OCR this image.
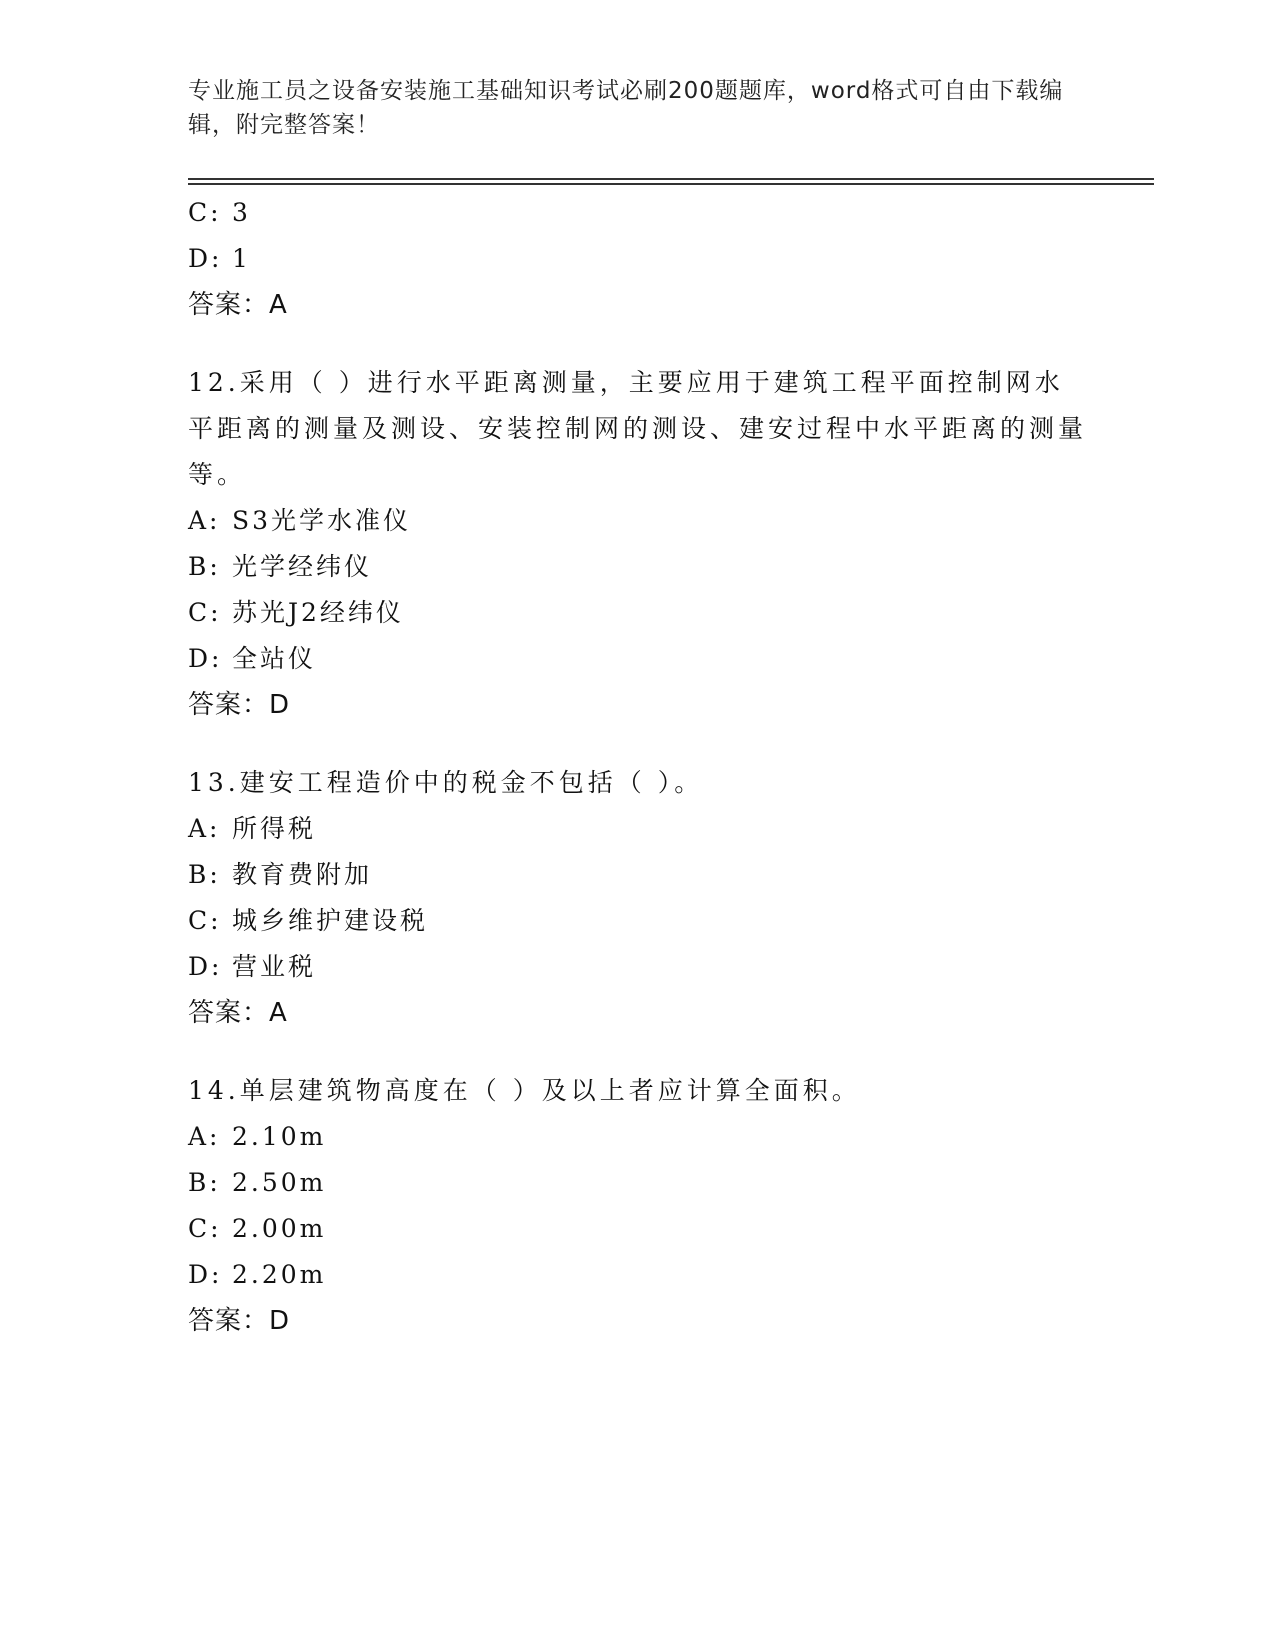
专业施工员之设备安装施工基础知识考试必刷200题题库，word格式可自由下载编辑，附完整答案！
C: 3
D: 1
答案：A
12.采用（ ）进行水平距离测量，主要应用于建筑工程平面控制网水平距离的测量及测设、安装控制网的测设、建安过程中水平距离的测量等。
A: S3光学水准仪
B: 光学经纬仪
C: 苏光J2经纬仪
D: 全站仪
答案：D
13.建安工程造价中的税金不包括（ ）。
A: 所得税
B: 教育费附加
C: 城乡维护建设税
D: 营业税
答案：A
14.单层建筑物高度在（ ）及以上者应计算全面积。
A: 2.10m
B: 2.50m
C: 2.00m
D: 2.20m
答案：D
